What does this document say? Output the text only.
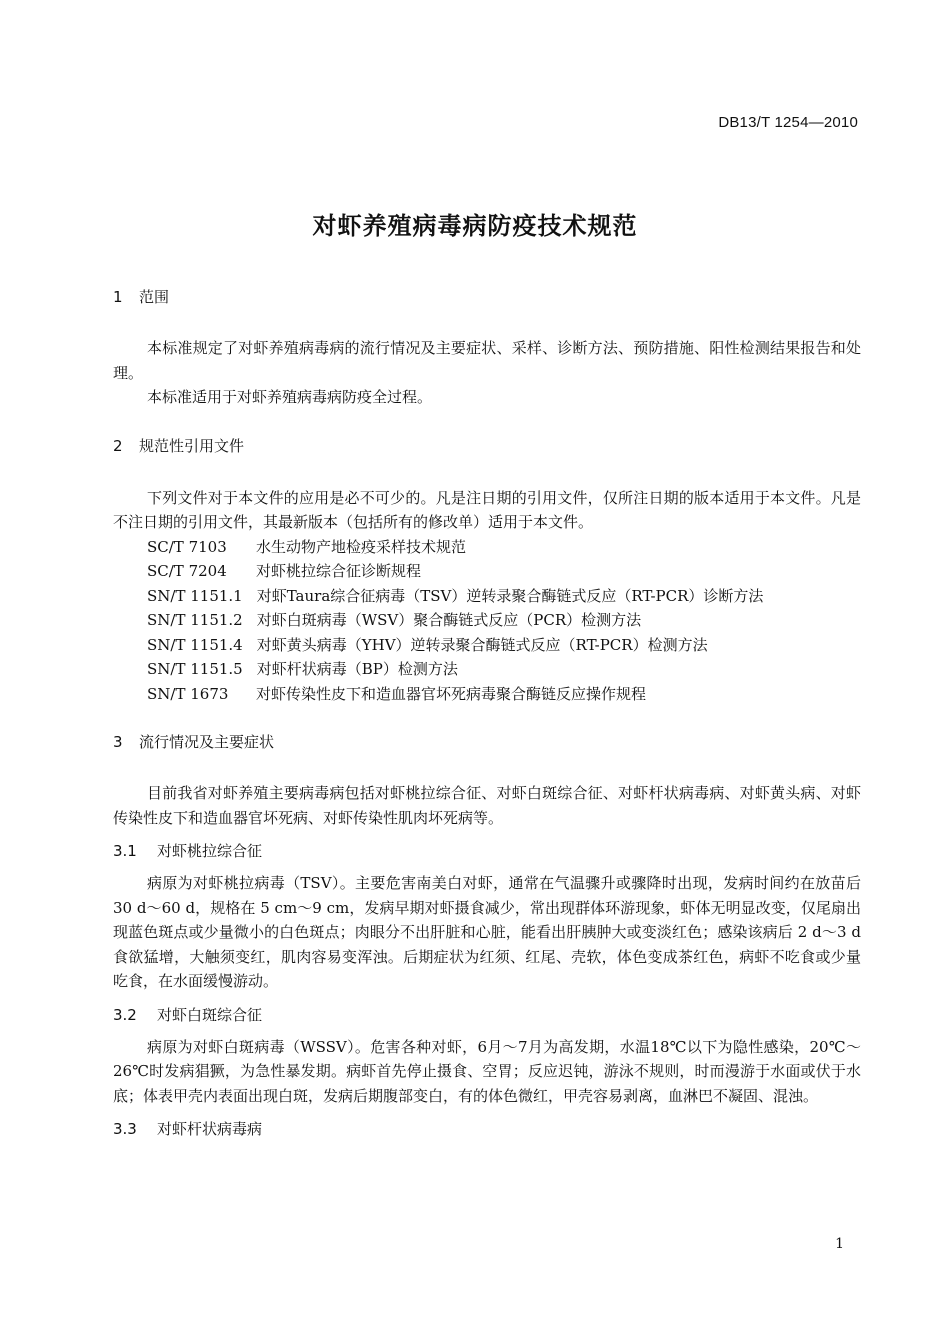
DB13/T 1254—2010
对虾养殖病毒病防疫技术规范
1 范围

本标准规定了对虾养殖病毒病的流行情况及主要症状、采样、诊断方法、预防措施、阳性检测结果报告和处理。

本标准适用于对虾养殖病毒病防疫全过程。

2 规范性引用文件

下列文件对于本文件的应用是必不可少的。凡是注日期的引用文件，仅所注日期的版本适用于本文件。凡是不注日期的引用文件，其最新版本（包括所有的修改单）适用于本文件。

SC/T 7103 水生动物产地检疫采样技术规范

SC/T 7204 对虾桃拉综合征诊断规程

SN/T 1151.1 对虾Taura综合征病毒（TSV）逆转录聚合酶链式反应（RT-PCR）诊断方法

SN/T 1151.2 对虾白斑病毒（WSV）聚合酶链式反应（PCR）检测方法

SN/T 1151.4 对虾黄头病毒（YHV）逆转录聚合酶链式反应（RT-PCR）检测方法

SN/T 1151.5 对虾杆状病毒（BP）检测方法

SN/T 1673 对虾传染性皮下和造血器官坏死病毒聚合酶链反应操作规程

3 流行情况及主要症状

目前我省对虾养殖主要病毒病包括对虾桃拉综合征、对虾白斑综合征、对虾杆状病毒病、对虾黄头病、对虾传染性皮下和造血器官坏死病、对虾传染性肌肉坏死病等。

3.1 对虾桃拉综合征

病原为对虾桃拉病毒（TSV）。主要危害南美白对虾，通常在气温骤升或骤降时出现，发病时间约在放苗后 30 d～60 d，规格在 5 cm～9 cm，发病早期对虾摄食减少，常出现群体环游现象，虾体无明显改变，仅尾扇出现蓝色斑点或少量微小的白色斑点；肉眼分不出肝脏和心脏，能看出肝胰肿大或变淡红色；感染该病后 2 d～3 d 食欲猛增，大触须变红，肌肉容易变浑浊。后期症状为红须、红尾、壳软，体色变成茶红色，病虾不吃食或少量吃食，在水面缓慢游动。

3.2 对虾白斑综合征

病原为对虾白斑病毒（WSSV）。危害各种对虾，6月～7月为高发期，水温18℃以下为隐性感染，20℃～26℃时发病猖獗，为急性暴发期。病虾首先停止摄食、空胃；反应迟钝，游泳不规则，时而漫游于水面或伏于水底；体表甲壳内表面出现白斑，发病后期腹部变白，有的体色微红，甲壳容易剥离，血淋巴不凝固、混浊。

3.3 对虾杆状病毒病
1
